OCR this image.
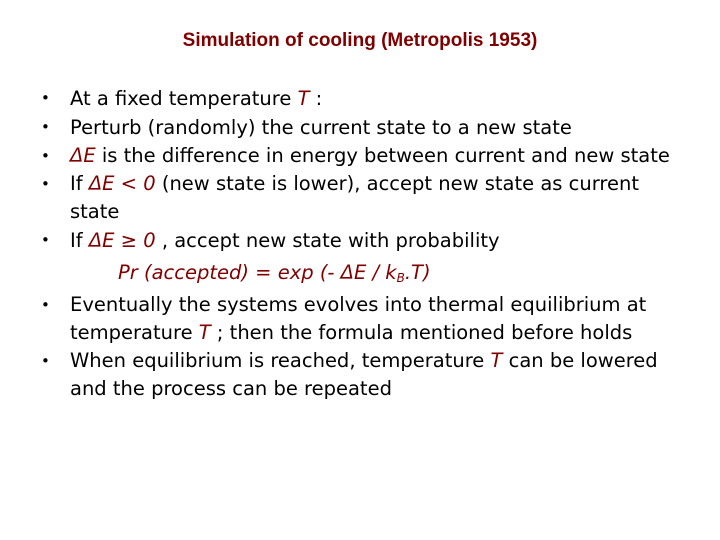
Simulation of cooling (Metropolis 1953)
• At a fixed temperature T :
• Perturb (randomly) the current state to a new state
• ΔE is the difference in energy between current and new state
• If ΔE < 0 (new state is lower), accept new state as current state
• If ΔE ≥ 0 , accept new state with probability
Pr (accepted) = exp (- ΔE / $k_B.T$)
• Eventually the systems evolves into thermal equilibrium at temperature T ; then the formula mentioned before holds
• When equilibrium is reached, temperature T can be lowered and the process can be repeated
